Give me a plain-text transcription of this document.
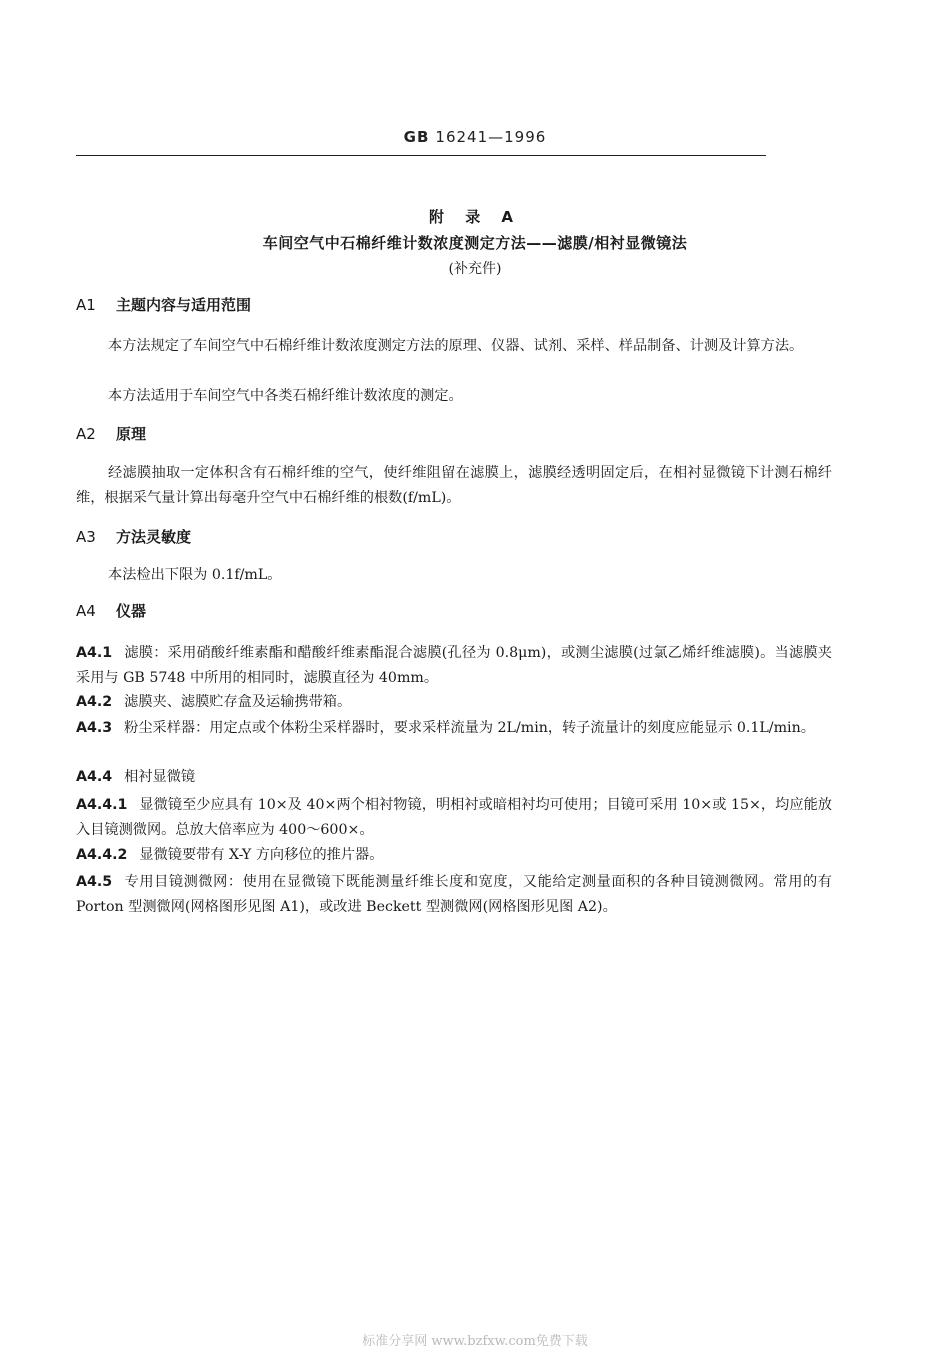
GB 16241—1996
附 录 A
车间空气中石棉纤维计数浓度测定方法——滤膜/相衬显微镜法
(补充件)
A1 主题内容与适用范围
本方法规定了车间空气中石棉纤维计数浓度测定方法的原理、仪器、试剂、采样、样品制备、计测及计算方法。
本方法适用于车间空气中各类石棉纤维计数浓度的测定。
A2 原理
经滤膜抽取一定体积含有石棉纤维的空气，使纤维阻留在滤膜上，滤膜经透明固定后，在相衬显微镜下计测石棉纤维，根据采气量计算出每毫升空气中石棉纤维的根数(f/mL)。
A3 方法灵敏度
本法检出下限为 0.1f/mL。
A4 仪器
A4.1 滤膜：采用硝酸纤维素酯和醋酸纤维素酯混合滤膜(孔径为 0.8μm)，或测尘滤膜(过氯乙烯纤维滤膜)。当滤膜夹采用与 GB 5748 中所用的相同时，滤膜直径为 40mm。
A4.2 滤膜夹、滤膜贮存盒及运输携带箱。
A4.3 粉尘采样器：用定点或个体粉尘采样器时，要求采样流量为 2L/min，转子流量计的刻度应能显示 0.1L/min。
A4.4 相衬显微镜
A4.4.1 显微镜至少应具有 10×及 40×两个相衬物镜，明相衬或暗相衬均可使用；目镜可采用 10×或 15×，均应能放入目镜测微网。总放大倍率应为 400～600×。
A4.4.2 显微镜要带有 X-Y 方向移位的推片器。
A4.5 专用目镜测微网：使用在显微镜下既能测量纤维长度和宽度，又能给定测量面积的各种目镜测微网。常用的有 Porton 型测微网(网格图形见图 A1)，或改进 Beckett 型测微网(网格图形见图 A2)。
标准分享网 www.bzfxw.com免费下载
